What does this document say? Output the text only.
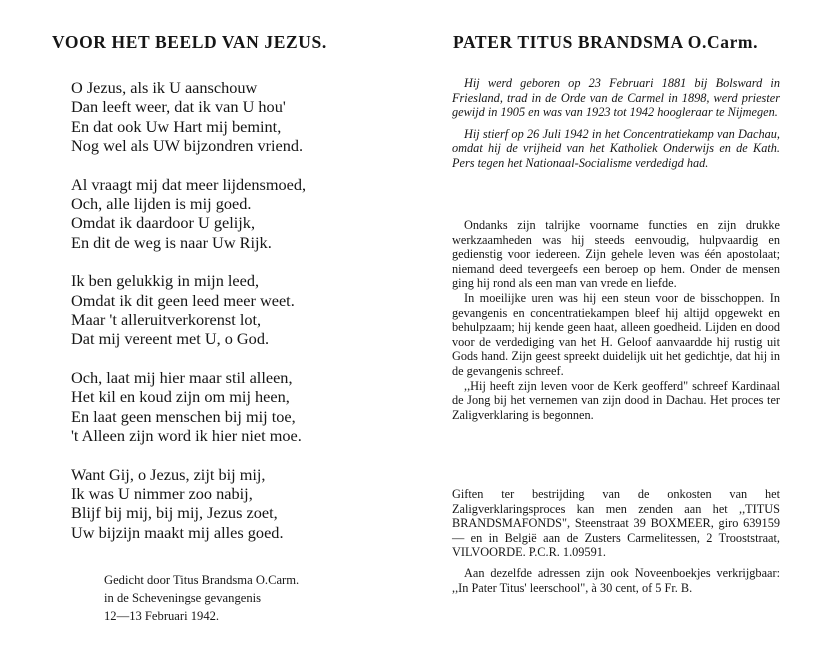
VOOR HET BEELD VAN JEZUS.

O Jezus, als ik U aanschouw

Dan leeft weer, dat ik van U hou'

En dat ook Uw Hart mij bemint,

Nog wel als UW bijzondren vriend.

Al vraagt mij dat meer lijdensmoed,

Och, alle lijden is mij goed.

Omdat ik daardoor U gelijk,

En dit de weg is naar Uw Rijk.

Ik ben gelukkig in mijn leed,

Omdat ik dit geen leed meer weet.

Maar 't alleruitverkorenst lot,

Dat mij vereent met U, o God.

Och, laat mij hier maar stil alleen,

Het kil en koud zijn om mij heen,

En laat geen menschen bij mij toe,

't Alleen zijn word ik hier niet moe.

Want Gij, o Jezus, zijt bij mij,

Ik was U nimmer zoo nabij,

Blijf bij mij, bij mij, Jezus zoet,

Uw bijzijn maakt mij alles goed.

Gedicht door Titus Brandsma O.Carm.

in de Scheveningse gevangenis

12—13 Februari 1942.

PATER TITUS BRANDSMA O.Carm.

Hij werd geboren op 23 Februari 1881 bij Bolsward in Friesland, trad in de Orde van de Carmel in 1898, werd priester gewijd in 1905 en was van 1923 tot 1942 hoogleraar te Nijmegen.

Hij stierf op 26 Juli 1942 in het Concentratiekamp van Dachau, omdat hij de vrijheid van het Katholiek Onderwijs en de Kath. Pers tegen het Nationaal-Socialisme verdedigd had.

Ondanks zijn talrijke voorname functies en zijn drukke werkzaamheden was hij steeds eenvoudig, hulpvaardig en gedienstig voor iedereen. Zijn gehele leven was één apostolaat; niemand deed tevergeefs een beroep op hem. Onder de mensen ging hij rond als een man van vrede en liefde.

In moeilijke uren was hij een steun voor de bisschoppen. In gevangenis en concentratiekampen bleef hij altijd opgewekt en behulpzaam; hij kende geen haat, alleen goedheid. Lijden en dood voor de verdediging van het H. Geloof aanvaardde hij rustig uit Gods hand. Zijn geest spreekt duidelijk uit het gedichtje, dat hij in de gevangenis schreef.

,,Hij heeft zijn leven voor de Kerk geofferd" schreef Kardinaal de Jong bij het vernemen van zijn dood in Dachau. Het proces ter Zaligverklaring is begonnen.

Giften ter bestrijding van de onkosten van het Zaligverklaringsproces kan men zenden aan het ,,TITUS BRANDSMAFONDS", Steenstraat 39 BOXMEER, giro 639159 — en in België aan de Zusters Carmelitessen, 2 Trooststraat, VILVOORDE. P.C.R. 1.09591.

Aan dezelfde adressen zijn ook Noveenboekjes verkrijgbaar: ,,In Pater Titus' leerschool", à 30 cent, of 5 Fr. B.
